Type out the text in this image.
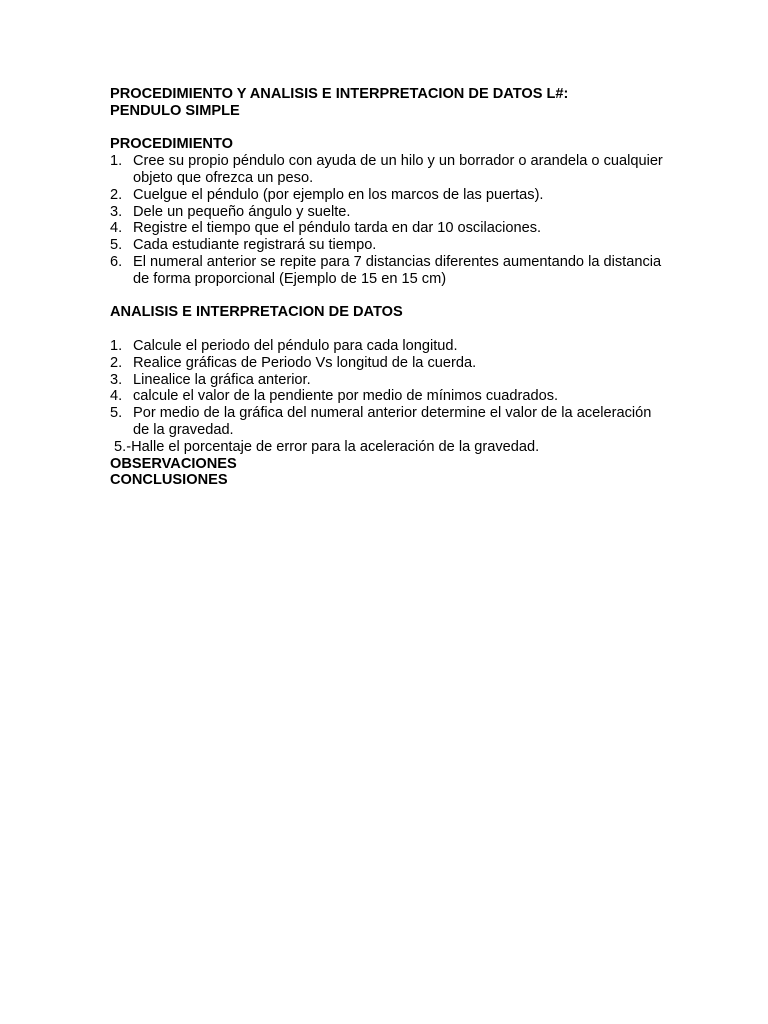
PROCEDIMIENTO Y ANALISIS E INTERPRETACION DE DATOS L#:
PENDULO SIMPLE
PROCEDIMIENTO
1. Cree su propio péndulo con ayuda de un hilo y un borrador o arandela o cualquier objeto que ofrezca un peso.
2. Cuelgue el péndulo (por ejemplo en los marcos de las puertas).
3. Dele un pequeño ángulo y suelte.
4. Registre el tiempo que el péndulo tarda en dar 10 oscilaciones.
5. Cada estudiante registrará su tiempo.
6. El numeral anterior se repite para 7 distancias diferentes aumentando la distancia de forma proporcional (Ejemplo de 15 en 15 cm)
ANALISIS E INTERPRETACION DE DATOS
1. Calcule el periodo del péndulo para cada longitud.
2. Realice gráficas de Periodo Vs longitud de la cuerda.
3. Linealice la gráfica anterior.
4. calcule el valor de la pendiente por medio de mínimos cuadrados.
5. Por medio de la gráfica del numeral anterior determine el valor de la aceleración de la gravedad.
5.-Halle el porcentaje de error para la aceleración de la gravedad.
OBSERVACIONES
CONCLUSIONES
